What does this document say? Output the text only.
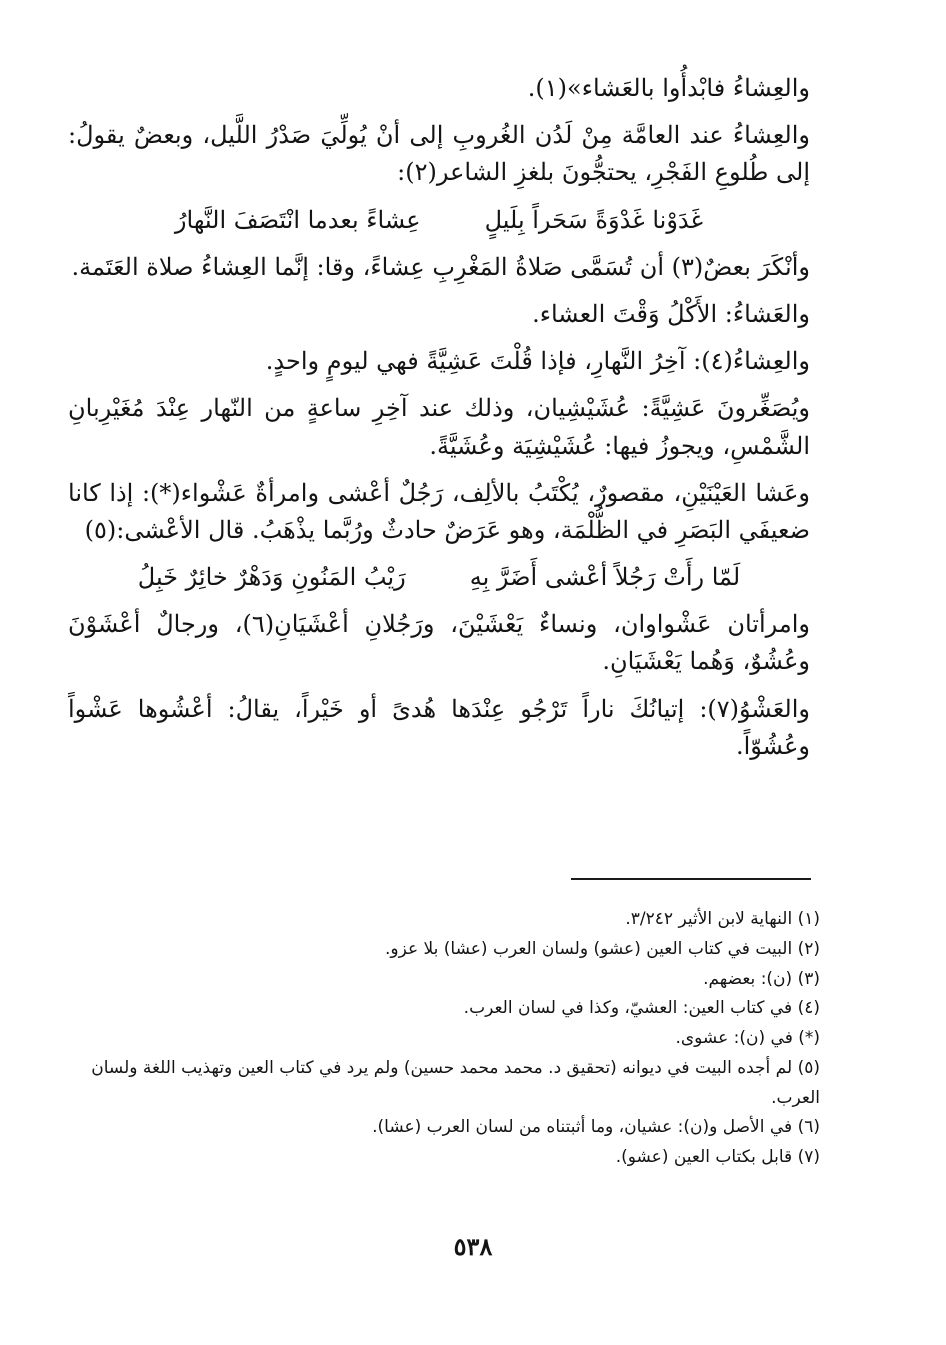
والعِشاءُ فابْدأُوا بالعَشاء»(١).

والعِشاءُ عند العامَّة مِنْ لَدُن الغُروبِ إلى أنْ يُولِّيَ صَدْرُ اللَّيل، وبعضٌ يقولُ: إلى طُلوعِ الفَجْرِ، يحتجُّونَ بلغزِ الشاعر(٢):

غَدَوْنا غَدْوَةً سَحَراً بِلَيلٍ
عِشاءً بعدما انْتَصَفَ النَّهارُ

وأنْكَرَ بعضٌ(٣) أن تُسَمَّى صَلاةُ المَغْرِبِ عِشاءً، وقا: إنَّما العِشاءُ صلاة العَتَمة.

والعَشاءُ: الأَكْلُ وَقْتَ العشاء.

والعِشاءُ(٤): آخِرُ النَّهارِ، فإذا قُلْتَ عَشِيَّةً فهي ليومٍ واحدٍ.

ويُصَغِّرونَ عَشِيَّةً: عُشَيْشِيان، وذلك عند آخِرِ ساعةٍ من النّهار عِنْدَ مُغَيْرِبانِ الشَّمْسِ، ويجوزُ فيها: عُشَيْشِيَة وعُشَيَّةً.

وعَشا العَيْنَيْنِ، مقصورٌ، يُكْتَبُ بالألِف، رَجُلٌ أعْشى وامرأةٌ عَشْواء(*): إذا كانا ضعيفَي البَصَرِ في الظُّلْمَة، وهو عَرَضٌ حادثٌ ورُبَّما يذْهَبُ. قال الأعْشى:(٥)

لَمّا رأَتْ رَجُلاً أعْشى أَضَرَّ بِهِ
رَيْبُ المَنُونِ وَدَهْرٌ خائِرٌ خَبِلُ

وامرأتان عَشْواوان، ونساءٌ يَعْشَيْنَ، ورَجُلانِ أعْشَيَانِ(٦)، ورجالٌ أعْشَوْنَ وعُشُوٌ، وَهُما يَعْشَيَانِ.

والعَشْوُ(٧): إتيانُكَ ناراً تَرْجُو عِنْدَها هُدىً أو خَيْراً، يقالُ: أعْشُوها عَشْواً وعُشُوّاً.

(١) النهاية لابن الأثير ٣/٢٤٢.

(٢) البيت في كتاب العين (عشو) ولسان العرب (عشا) بلا عزو.

(٣) (ن): بعضهم.

(٤) في كتاب العين: العشيّ، وكذا في لسان العرب.

(*) في (ن): عشوى.

(٥) لم أجده البيت في ديوانه (تحقيق د. محمد محمد حسين) ولم يرد في كتاب العين وتهذيب اللغة ولسان العرب.

(٦) في الأصل و(ن): عشيان، وما أثبتناه من لسان العرب (عشا).

(٧) قابل بكتاب العين (عشو).

٥٣٨
